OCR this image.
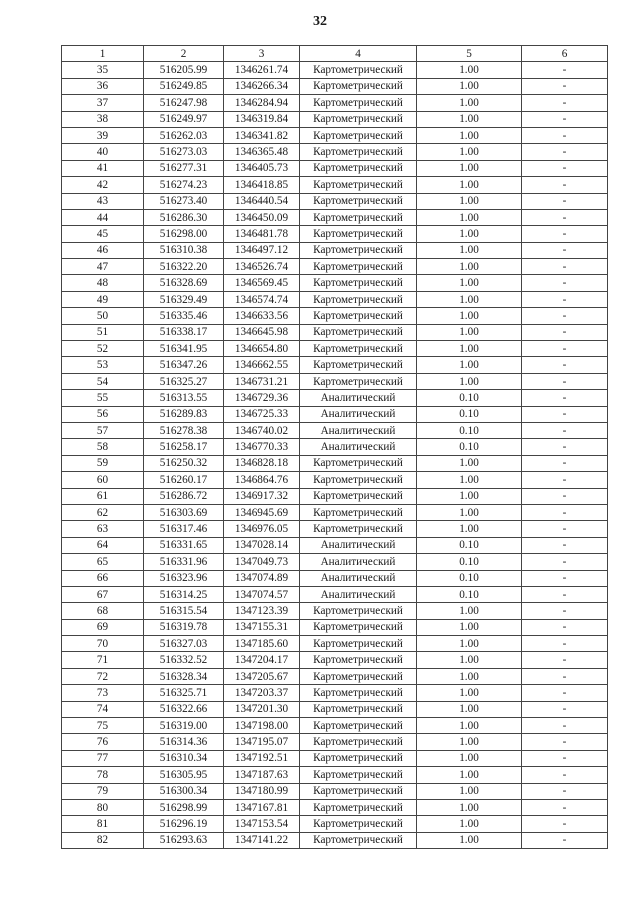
32
1	2	3	4	5	6
35	516205.99	1346261.74	Картометрический	1.00	-
36	516249.85	1346266.34	Картометрический	1.00	-
37	516247.98	1346284.94	Картометрический	1.00	-
38	516249.97	1346319.84	Картометрический	1.00	-
39	516262.03	1346341.82	Картометрический	1.00	-
40	516273.03	1346365.48	Картометрический	1.00	-
41	516277.31	1346405.73	Картометрический	1.00	-
42	516274.23	1346418.85	Картометрический	1.00	-
43	516273.40	1346440.54	Картометрический	1.00	-
44	516286.30	1346450.09	Картометрический	1.00	-
45	516298.00	1346481.78	Картометрический	1.00	-
46	516310.38	1346497.12	Картометрический	1.00	-
47	516322.20	1346526.74	Картометрический	1.00	-
48	516328.69	1346569.45	Картометрический	1.00	-
49	516329.49	1346574.74	Картометрический	1.00	-
50	516335.46	1346633.56	Картометрический	1.00	-
51	516338.17	1346645.98	Картометрический	1.00	-
52	516341.95	1346654.80	Картометрический	1.00	-
53	516347.26	1346662.55	Картометрический	1.00	-
54	516325.27	1346731.21	Картометрический	1.00	-
55	516313.55	1346729.36	Аналитический	0.10	-
56	516289.83	1346725.33	Аналитический	0.10	-
57	516278.38	1346740.02	Аналитический	0.10	-
58	516258.17	1346770.33	Аналитический	0.10	-
59	516250.32	1346828.18	Картометрический	1.00	-
60	516260.17	1346864.76	Картометрический	1.00	-
61	516286.72	1346917.32	Картометрический	1.00	-
62	516303.69	1346945.69	Картометрический	1.00	-
63	516317.46	1346976.05	Картометрический	1.00	-
64	516331.65	1347028.14	Аналитический	0.10	-
65	516331.96	1347049.73	Аналитический	0.10	-
66	516323.96	1347074.89	Аналитический	0.10	-
67	516314.25	1347074.57	Аналитический	0.10	-
68	516315.54	1347123.39	Картометрический	1.00	-
69	516319.78	1347155.31	Картометрический	1.00	-
70	516327.03	1347185.60	Картометрический	1.00	-
71	516332.52	1347204.17	Картометрический	1.00	-
72	516328.34	1347205.67	Картометрический	1.00	-
73	516325.71	1347203.37	Картометрический	1.00	-
74	516322.66	1347201.30	Картометрический	1.00	-
75	516319.00	1347198.00	Картометрический	1.00	-
76	516314.36	1347195.07	Картометрический	1.00	-
77	516310.34	1347192.51	Картометрический	1.00	-
78	516305.95	1347187.63	Картометрический	1.00	-
79	516300.34	1347180.99	Картометрический	1.00	-
80	516298.99	1347167.81	Картометрический	1.00	-
81	516296.19	1347153.54	Картометрический	1.00	-
82	516293.63	1347141.22	Картометрический	1.00	-
